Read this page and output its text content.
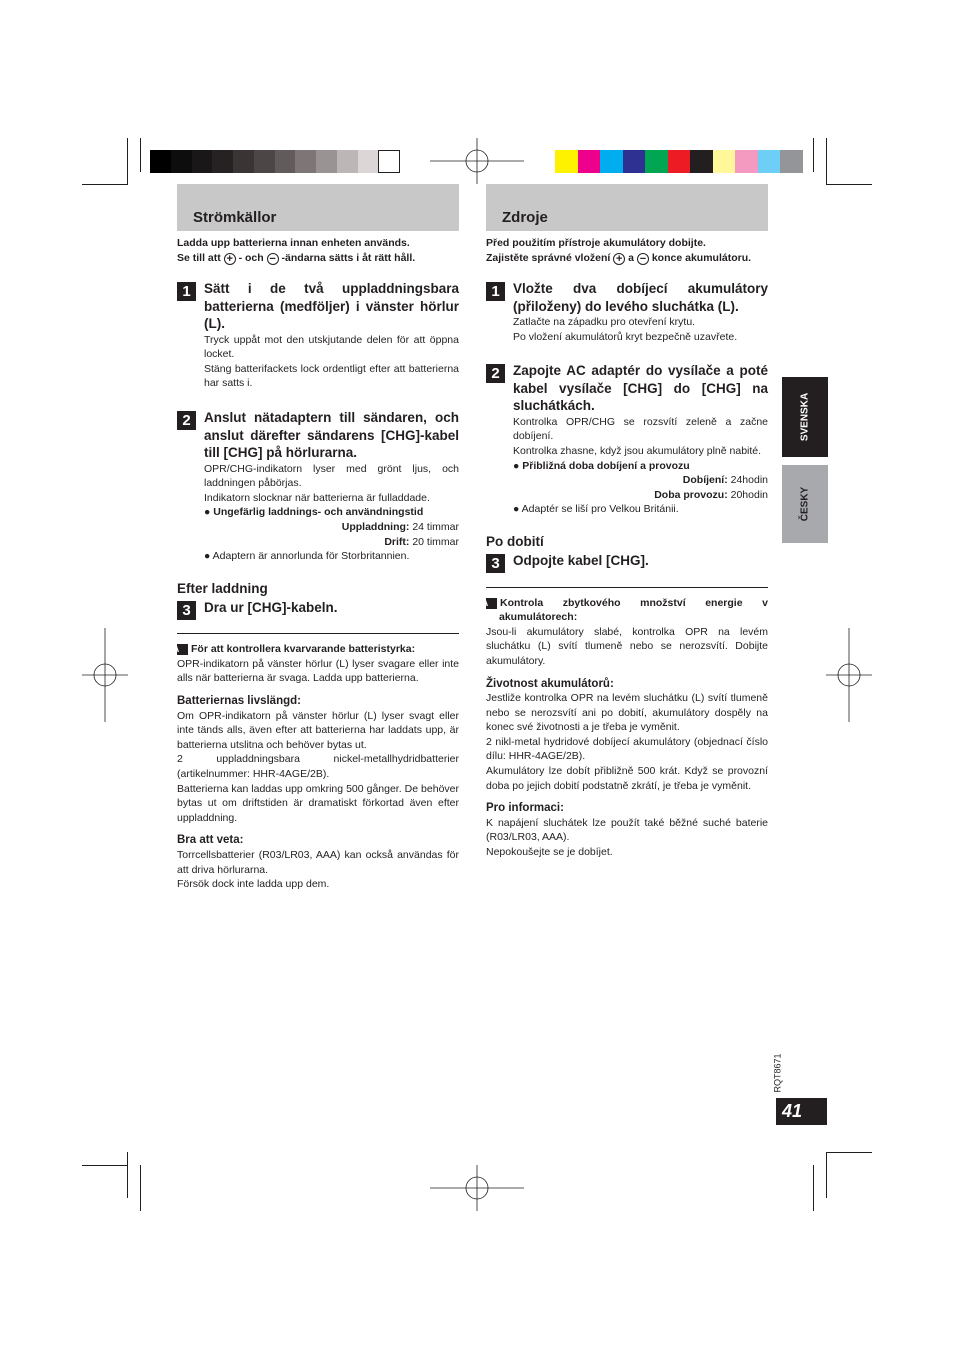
Strömkällor	Zdroje
Ladda upp batterierna innan enheten används.
Se till att + - och − -ändarna sätts i åt rätt håll.
1 Sätt i de två uppladdningsbara batterierna (medföljer) i vänster hörlur (L).
Tryck uppåt mot den utskjutande delen för att öppna locket.
Stäng batterifackets lock ordentligt efter att batterierna har satts i.
2 Anslut nätadaptern till sändaren, och anslut därefter sändarens [CHG]-kabel till [CHG] på hörlurarna.
OPR/CHG-indikatorn lyser med grönt ljus, och laddningen påbörjas.
Indikatorn slocknar när batterierna är fulladdade.
● Ungefärlig laddnings- och användningstid
Uppladdning: 24 timmar
Drift: 20 timmar
● Adaptern är annorlunda för Storbritannien.
Efter laddning
3 Dra ur [CHG]-kabeln.
A För att kontrollera kvarvarande batteristyrka:
OPR-indikatorn på vänster hörlur (L) lyser svagare eller inte alls när batterierna är svaga. Ladda upp batterierna.
Batteriernas livslängd:
Om OPR-indikatorn på vänster hörlur (L) lyser svagt eller inte tänds alls, även efter att batterierna har laddats upp, är batterierna utslitna och behöver bytas ut.
2 uppladdningsbara nickel-metallhydridbatterier (artikelnummer: HHR-4AGE/2B).
Batterierna kan laddas upp omkring 500 gånger. De behöver bytas ut om driftstiden är dramatiskt förkortad även efter uppladdning.
Bra att veta:
Torrcellsbatterier (R03/LR03, AAA) kan också användas för att driva hörlurarna.
Försök dock inte ladda upp dem.
Před použitím přístroje akumulátory dobijte.
Zajistěte správné vložení + a − konce akumulátoru.
1 Vložte dva dobíjecí akumulátory (přiloženy) do levého sluchátka (L).
Zatlačte na západku pro otevření krytu.
Po vložení akumulátorů kryt bezpečně uzavřete.
2 Zapojte AC adaptér do vysílače a poté kabel vysílače [CHG] do [CHG] na sluchátkách.
Kontrolka OPR/CHG se rozsvítí zeleně a začne dobíjení.
Kontrolka zhasne, když jsou akumulátory plně nabité.
● Přibližná doba dobíjení a provozu
Dobíjení: 24hodin
Doba provozu: 20hodin
● Adaptér se liší pro Velkou Británii.
Po dobití
3 Odpojte kabel [CHG].
A Kontrola zbytkového množství energie v akumulátorech:
Jsou-li akumulátory slabé, kontrolka OPR na levém sluchátku (L) svítí tlumeně nebo se nerozsvítí. Dobijte akumulátory.
Životnost akumulátorů:
Jestliže kontrolka OPR na levém sluchátku (L) svítí tlumeně nebo se nerozsvítí ani po dobití, akumulátory dospěly na konec své životnosti a je třeba je vyměnit.
2 nikl-metal hydridové dobíjecí akumulátory (objednací číslo dílu: HHR-4AGE/2B).
Akumulátory lze dobít přibližně 500 krát. Když se provozní doba po jejich dobití podstatně zkrátí, je třeba je vyměnit.
Pro informaci:
K napájení sluchátek lze použít také běžné suché baterie (R03/LR03, AAA).
Nepokoušejte se je dobíjet.
SVENSKA
ČESKY
RQT8671
41
